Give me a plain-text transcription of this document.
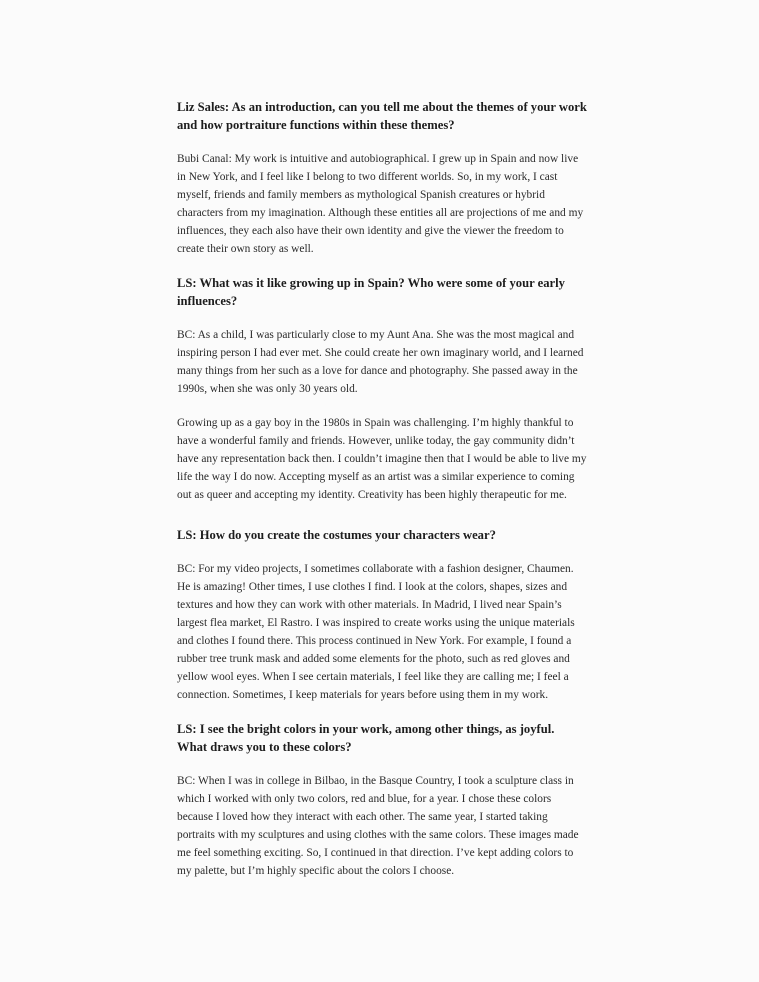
Liz Sales: As an introduction, can you tell me about the themes of your work and how portraiture functions within these themes?

Bubi Canal: My work is intuitive and autobiographical. I grew up in Spain and now live in New York, and I feel like I belong to two different worlds. So, in my work, I cast myself, friends and family members as mythological Spanish creatures or hybrid characters from my imagination. Although these entities all are projections of me and my influences, they each also have their own identity and give the viewer the freedom to create their own story as well.

LS: What was it like growing up in Spain? Who were some of your early influences?

BC: As a child, I was particularly close to my Aunt Ana. She was the most magical and inspiring person I had ever met. She could create her own imaginary world, and I learned many things from her such as a love for dance and photography. She passed away in the 1990s, when she was only 30 years old.

Growing up as a gay boy in the 1980s in Spain was challenging. I’m highly thankful to have a wonderful family and friends. However, unlike today, the gay community didn’t have any representation back then. I couldn’t imagine then that I would be able to live my life the way I do now. Accepting myself as an artist was a similar experience to coming out as queer and accepting my identity. Creativity has been highly therapeutic for me.

LS: How do you create the costumes your characters wear?

BC: For my video projects, I sometimes collaborate with a fashion designer, Chaumen. He is amazing! Other times, I use clothes I find. I look at the colors, shapes, sizes and textures and how they can work with other materials. In Madrid, I lived near Spain’s largest flea market, El Rastro. I was inspired to create works using the unique materials and clothes I found there. This process continued in New York. For example, I found a rubber tree trunk mask and added some elements for the photo, such as red gloves and yellow wool eyes. When I see certain materials, I feel like they are calling me; I feel a connection. Sometimes, I keep materials for years before using them in my work.

LS: I see the bright colors in your work, among other things, as joyful. What draws you to these colors?

BC: When I was in college in Bilbao, in the Basque Country, I took a sculpture class in which I worked with only two colors, red and blue, for a year. I chose these colors because I loved how they interact with each other. The same year, I started taking portraits with my sculptures and using clothes with the same colors. These images made me feel something exciting. So, I continued in that direction. I’ve kept adding colors to my palette, but I’m highly specific about the colors I choose.
